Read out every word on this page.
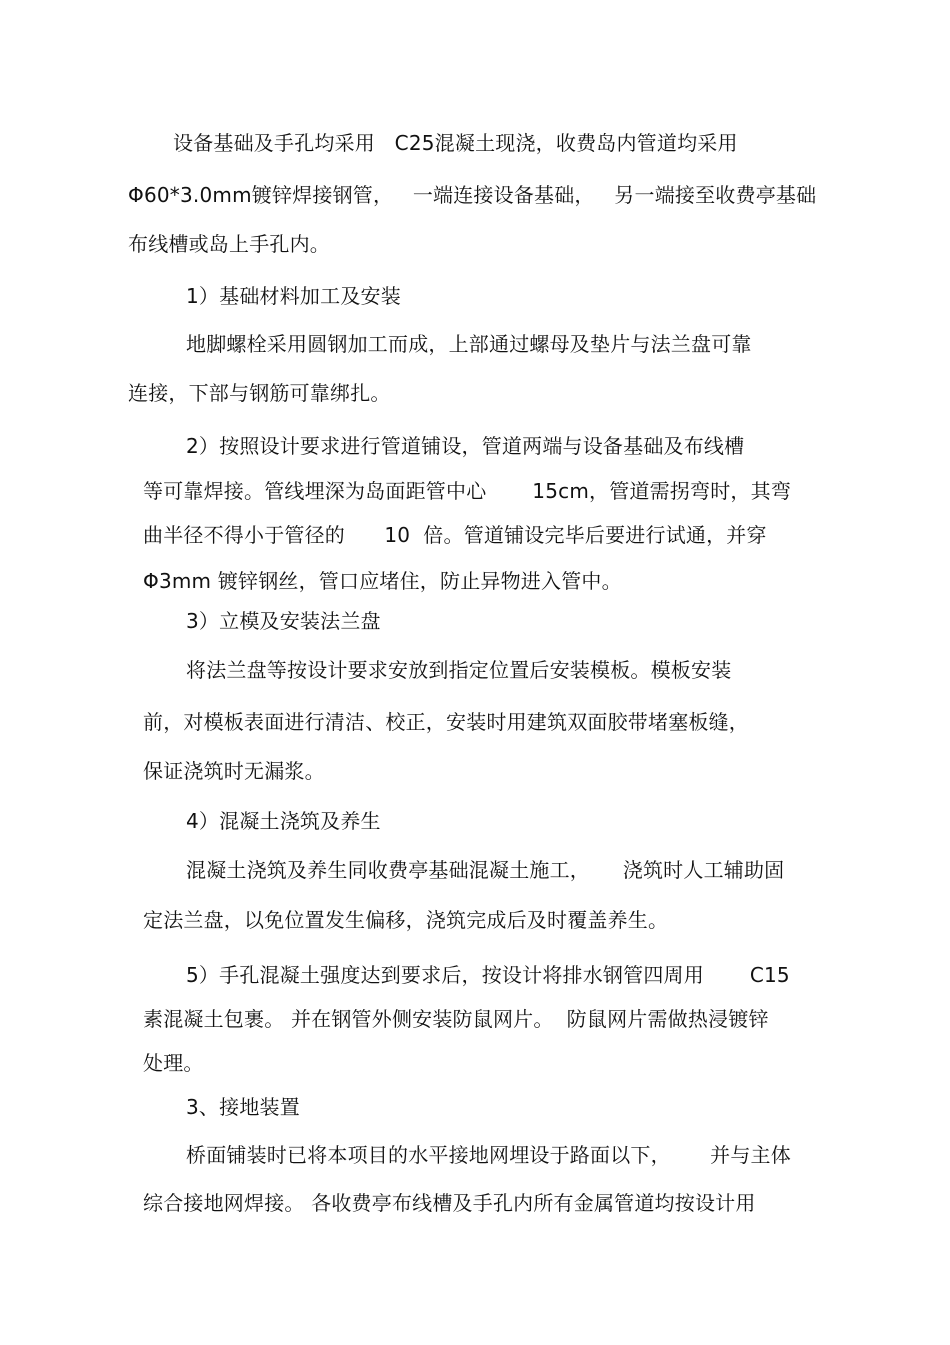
设备基础及手孔均采用   C25混凝土现浇，收费岛内管道均采用
Φ60*3.0mm镀锌焊接钢管，   一端连接设备基础，   另一端接至收费亭基础
布线槽或岛上手孔内。
1）基础材料加工及安装
地脚螺栓采用圆钢加工而成，上部通过螺母及垫片与法兰盘可靠
连接，下部与钢筋可靠绑扎。
2）按照设计要求进行管道铺设，管道两端与设备基础及布线槽
等可靠焊接。管线埋深为岛面距管中心       15cm，管道需拐弯时，其弯
曲半径不得小于管径的      10  倍。管道铺设完毕后要进行试通，并穿
Φ3mm 镀锌钢丝，管口应堵住，防止异物进入管中。
3）立模及安装法兰盘
将法兰盘等按设计要求安放到指定位置后安装模板。模板安装
前，对模板表面进行清洁、校正，安装时用建筑双面胶带堵塞板缝，
保证浇筑时无漏浆。
4）混凝土浇筑及养生
混凝土浇筑及养生同收费亭基础混凝土施工，     浇筑时人工辅助固
定法兰盘，以免位置发生偏移，浇筑完成后及时覆盖养生。
5）手孔混凝土强度达到要求后，按设计将排水钢管四周用       C15
素混凝土包裹。 并在钢管外侧安装防鼠网片。  防鼠网片需做热浸镀锌
处理。
3、接地装置
桥面铺装时已将本项目的水平接地网埋设于路面以下，      并与主体
综合接地网焊接。 各收费亭布线槽及手孔内所有金属管道均按设计用
